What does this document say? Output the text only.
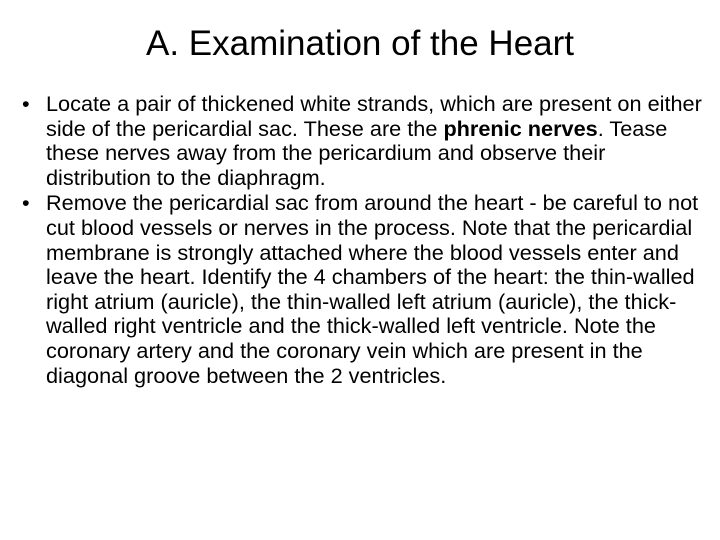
A. Examination of the Heart
• Locate a pair of thickened white strands, which are present on either side of the pericardial sac. These are the phrenic nerves. Tease these nerves away from the pericardium and observe their distribution to the diaphragm.
• Remove the pericardial sac from around the heart - be careful to not cut blood vessels or nerves in the process. Note that the pericardial membrane is strongly attached where the blood vessels enter and leave the heart. Identify the 4 chambers of the heart: the thin-walled right atrium (auricle), the thin-walled left atrium (auricle), the thick-walled right ventricle and the thick-walled left ventricle. Note the coronary artery and the coronary vein which are present in the diagonal groove between the 2 ventricles.
